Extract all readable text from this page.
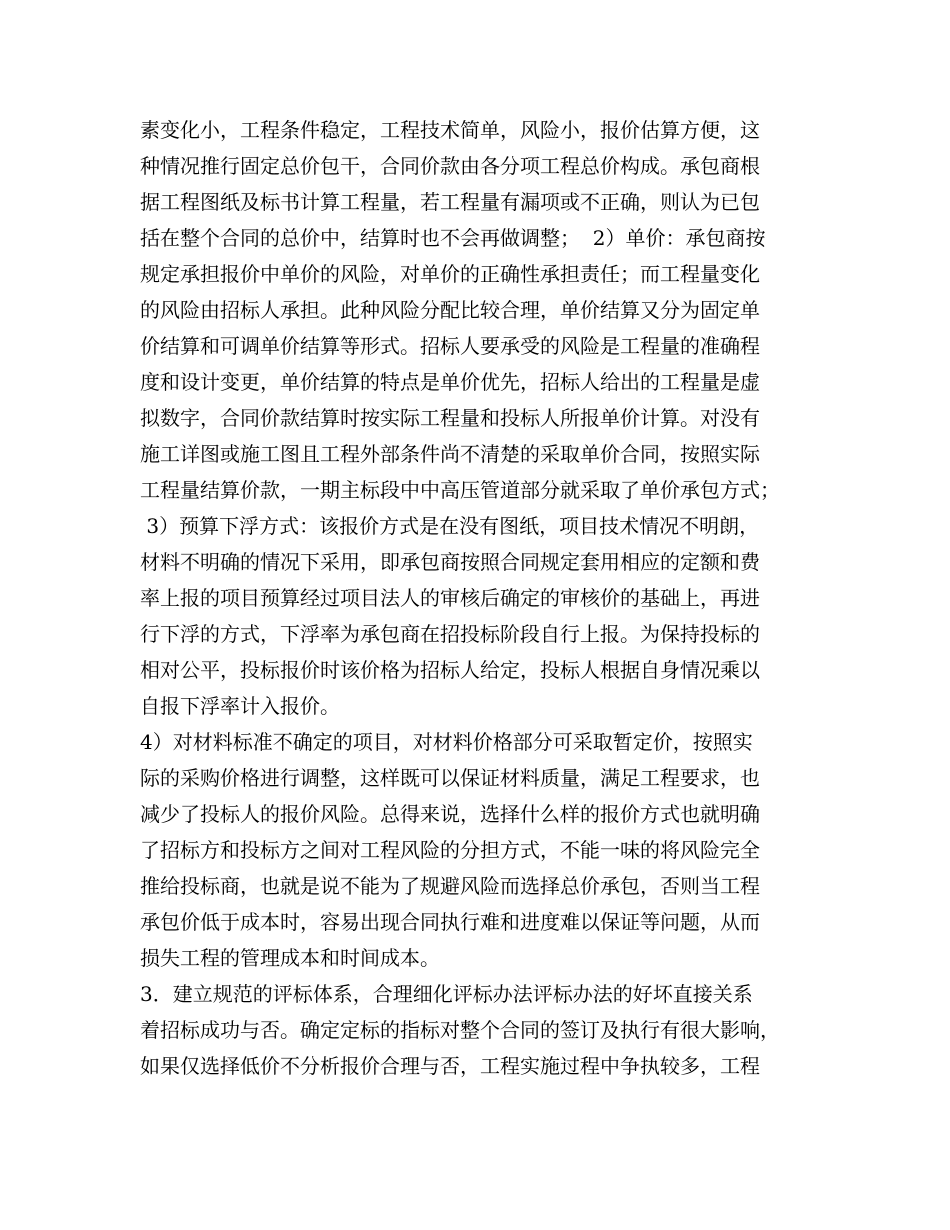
素变化小，工程条件稳定，工程技术简单，风险小，报价估算方便，这
种情况推行固定总价包干，合同价款由各分项工程总价构成。承包商根
据工程图纸及标书计算工程量，若工程量有漏项或不正确，则认为已包
括在整个合同的总价中，结算时也不会再做调整；  2）单价：承包商按
规定承担报价中单价的风险，对单价的正确性承担责任；而工程量变化
的风险由招标人承担。此种风险分配比较合理，单价结算又分为固定单
价结算和可调单价结算等形式。招标人要承受的风险是工程量的准确程
度和设计变更，单价结算的特点是单价优先，招标人给出的工程量是虚
拟数字，合同价款结算时按实际工程量和投标人所报单价计算。对没有
施工详图或施工图且工程外部条件尚不清楚的采取单价合同，按照实际
工程量结算价款，一期主标段中中高压管道部分就采取了单价承包方式；
3）预算下浮方式：该报价方式是在没有图纸，项目技术情况不明朗，
材料不明确的情况下采用，即承包商按照合同规定套用相应的定额和费
率上报的项目预算经过项目法人的审核后确定的审核价的基础上，再进
行下浮的方式，下浮率为承包商在招投标阶段自行上报。为保持投标的
相对公平，投标报价时该价格为招标人给定，投标人根据自身情况乘以
自报下浮率计入报价。
4）对材料标准不确定的项目，对材料价格部分可采取暂定价，按照实
际的采购价格进行调整，这样既可以保证材料质量，满足工程要求，也
减少了投标人的报价风险。总得来说，选择什么样的报价方式也就明确
了招标方和投标方之间对工程风险的分担方式，不能一味的将风险完全
推给投标商，也就是说不能为了规避风险而选择总价承包，否则当工程
承包价低于成本时，容易出现合同执行难和进度难以保证等问题，从而
损失工程的管理成本和时间成本。
3．建立规范的评标体系，合理细化评标办法评标办法的好坏直接关系
着招标成功与否。确定定标的指标对整个合同的签订及执行有很大影响，
如果仅选择低价不分析报价合理与否，工程实施过程中争执较多，工程
